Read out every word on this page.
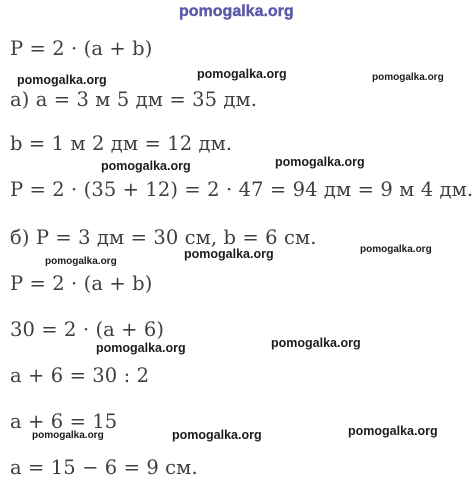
pomogalka.org
P = 2 · (a + b)
pomogalka.org	pomogalka.org	pomogalka.org
а) a = 3 м 5 дм = 35 дм.
b = 1 м 2 дм = 12 дм.
pomogalka.org	pomogalka.org
P = 2 · (35 + 12) = 2 · 47 = 94 дм = 9 м 4 дм.
б) P = 3 дм = 30 см, b = 6 см.
pomogalka.org
pomogalka.org	pomogalka.org
P = 2 · (a + b)
30 = 2 · (a + 6)
pomogalka.org	pomogalka.org
a + 6 = 30 : 2
a + 6 = 15
pomogalka.org	pomogalka.org	pomogalka.org
a = 15 − 6 = 9 см.
